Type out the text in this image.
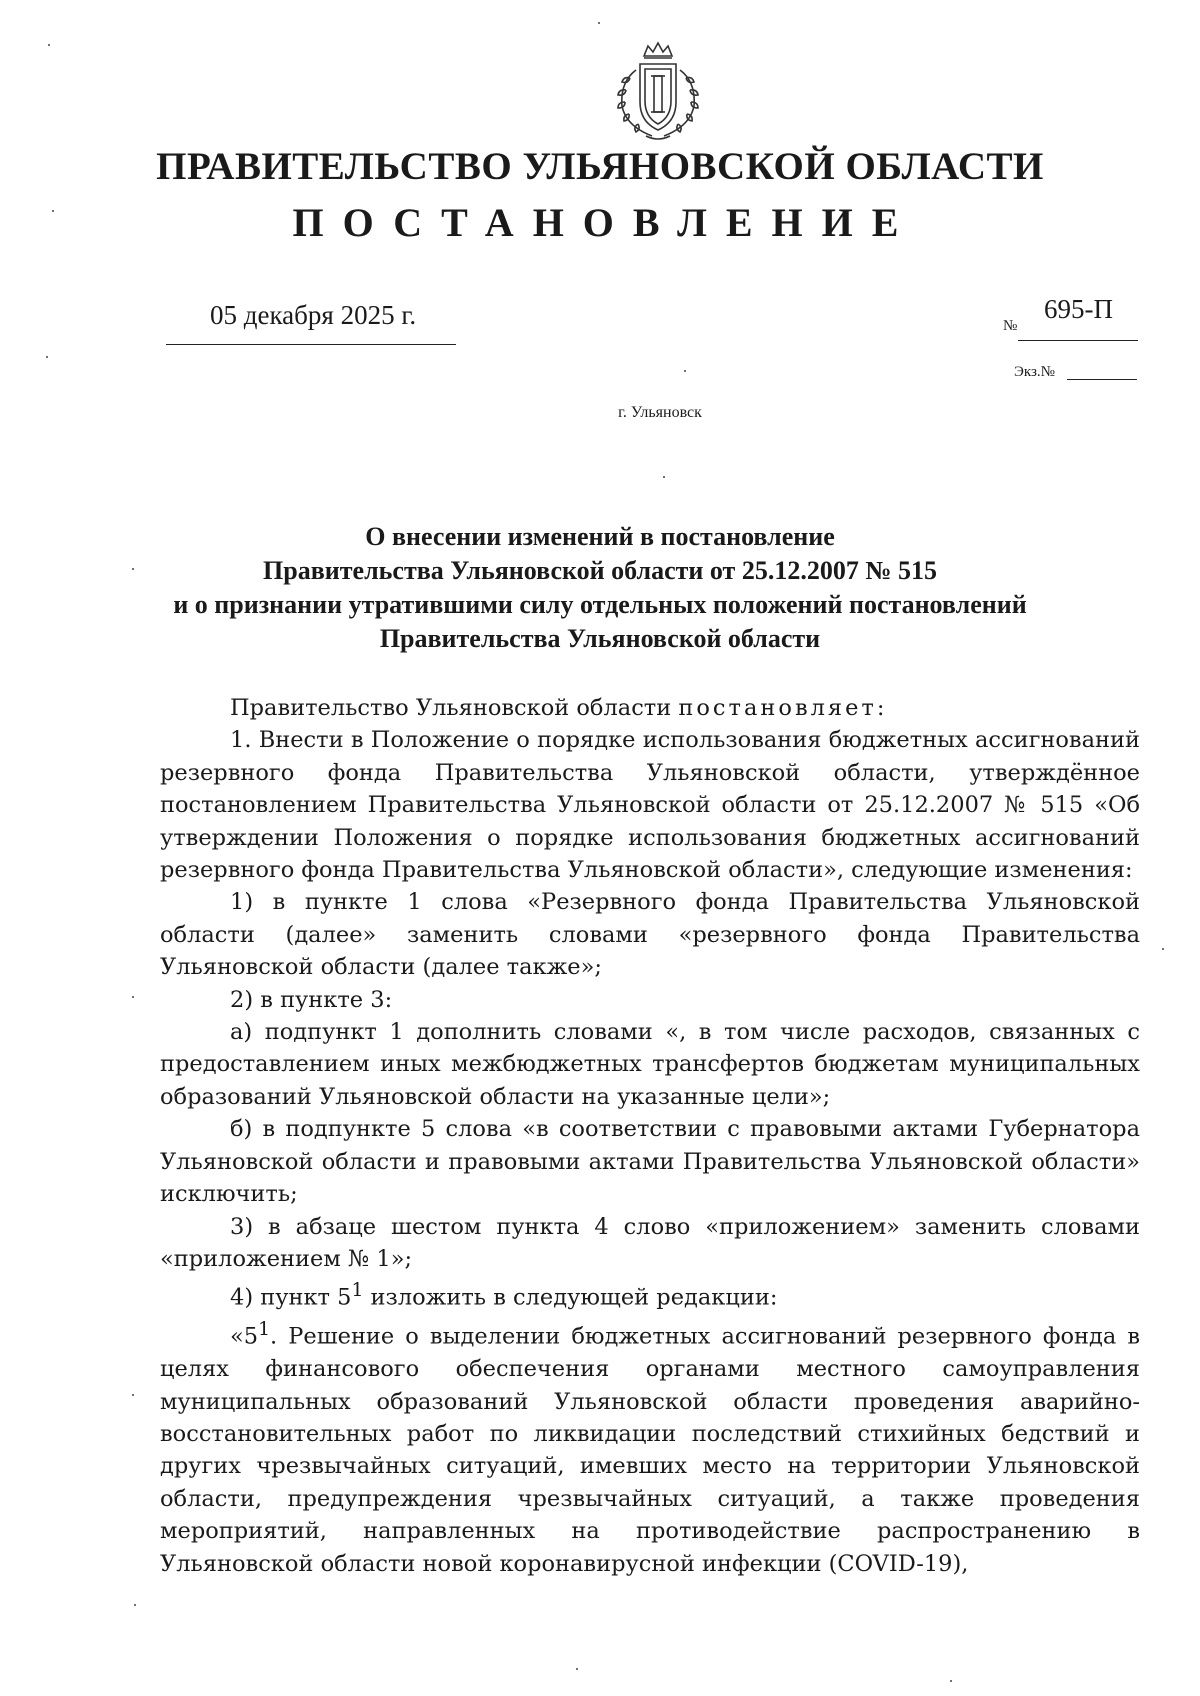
ПРАВИТЕЛЬСТВО УЛЬЯНОВСКОЙ ОБЛАСТИ
ПОСТАНОВЛЕНИЕ
05 декабря 2025 г.	№
695-П
Экз.№
г. Ульяновск
О внесении изменений в постановление
Правительства Ульяновской области от 25.12.2007 № 515
и о признании утратившими силу отдельных положений постановлений
Правительства Ульяновской области

Правительство Ульяновской области постановляет:

1. Внести в Положение о порядке использования бюджетных ассигнований резервного фонда Правительства Ульяновской области, утверждённое постановлением Правительства Ульяновской области от 25.12.2007 № 515 «Об утверждении Положения о порядке использования бюджетных ассигнований резервного фонда Правительства Ульяновской области», следующие изменения:

1) в пункте 1 слова «Резервного фонда Правительства Ульяновской области (далее» заменить словами «резервного фонда Правительства Ульяновской области (далее также»;

2) в пункте 3:

а) подпункт 1 дополнить словами «, в том числе расходов, связанных с предоставлением иных межбюджетных трансфертов бюджетам муниципальных образований Ульяновской области на указанные цели»;

б) в подпункте 5 слова «в соответствии с правовыми актами Губернатора Ульяновской области и правовыми актами Правительства Ульяновской области» исключить;

3) в абзаце шестом пункта 4 слово «приложением» заменить словами «приложением № 1»;

4) пункт $5^1$ изложить в следующей редакции:

«$5^1$. Решение о выделении бюджетных ассигнований резервного фонда в целях финансового обеспечения органами местного самоуправления муниципальных образований Ульяновской области проведения аварийно-восстановительных работ по ликвидации последствий стихийных бедствий и других чрезвычайных ситуаций, имевших место на территории Ульяновской области, предупреждения чрезвычайных ситуаций, а также проведения мероприятий, направленных на противодействие распространению в Ульяновской области новой коронавирусной инфекции (COVID-19),
